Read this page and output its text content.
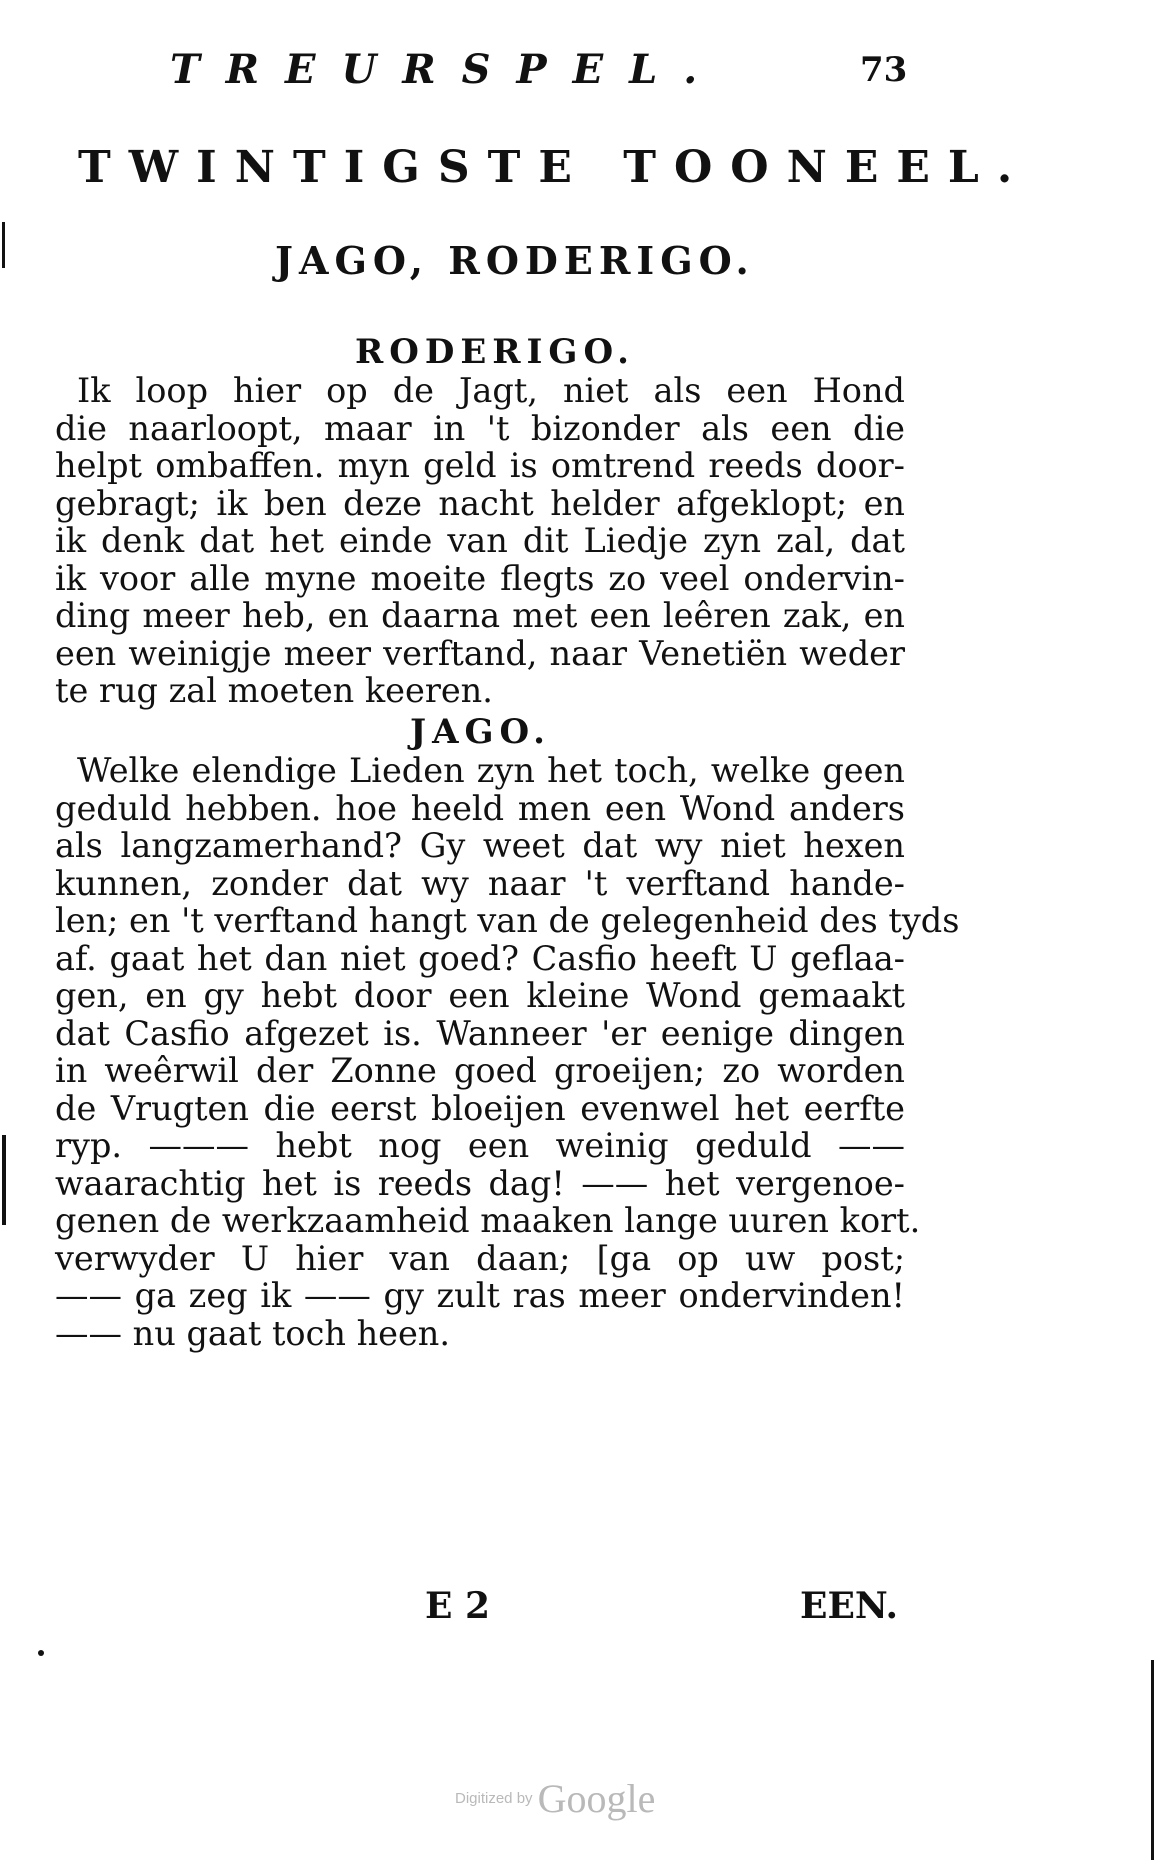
TREURSPEL.	73
TWINTIGSTE TOONEEL.
JAGO, RODERIGO.
RODERIGO.
Ik loop hier op de Jagt, niet als een Hond
die naarloopt, maar in 't bizonder als een die
helpt ombaffen. myn geld is omtrend reeds door-
gebragt; ik ben deze nacht helder afgeklopt; en
ik denk dat het einde van dit Liedje zyn zal, dat
ik voor alle myne moeite flegts zo veel ondervin-
ding meer heb, en daarna met een leêren zak, en
een weinigje meer verftand, naar Venetiën weder
te rug zal moeten keeren.
JAGO.
Welke elendige Lieden zyn het toch, welke geen
geduld hebben. hoe heeld men een Wond anders
als langzamerhand? Gy weet dat wy niet hexen
kunnen, zonder dat wy naar 't verftand hande-
len; en 't verftand hangt van de gelegenheid des tyds
af. gaat het dan niet goed? Casfio heeft U geflaa-
gen, en gy hebt door een kleine Wond gemaakt
dat Casfio afgezet is. Wanneer 'er eenige dingen
in weêrwil der Zonne goed groeijen; zo worden
de Vrugten die eerst bloeijen evenwel het eerfte
ryp. ——— hebt nog een weinig geduld ——
waarachtig het is reeds dag! —— het vergenoe-
genen de werkzaamheid maaken lange uuren kort.
verwyder U hier van daan; [ga op uw post;
—— ga zeg ik —— gy zult ras meer ondervinden!
—— nu gaat toch heen.
E 2	EEN.
Digitized by Google
